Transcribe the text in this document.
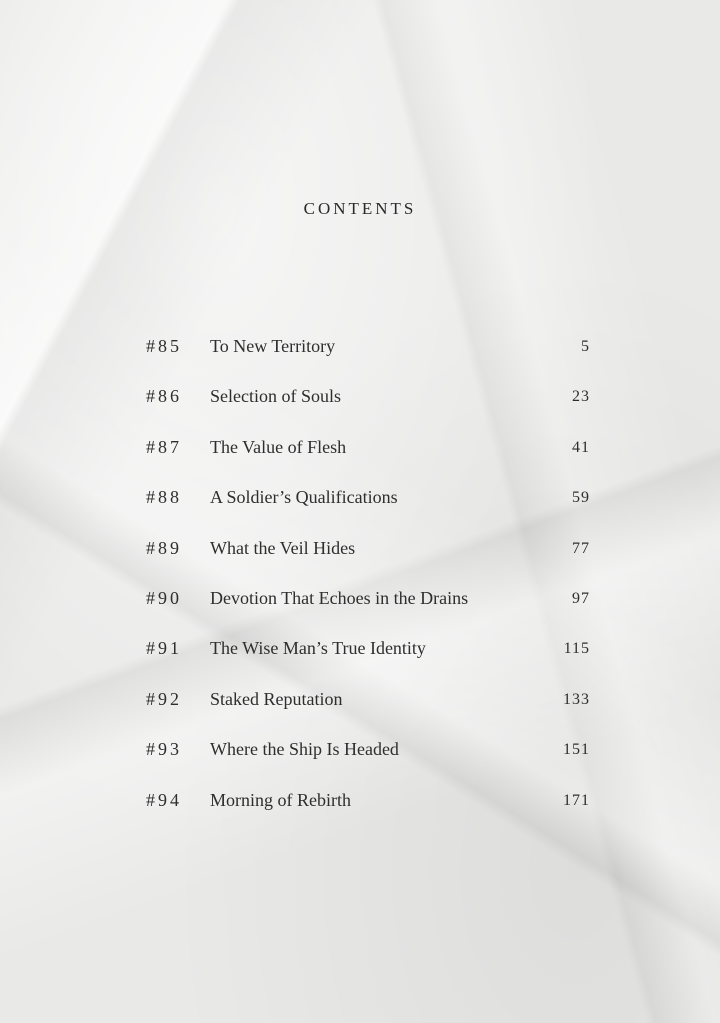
CONTENTS
#85 To New Territory	5
#86 Selection of Souls	23
#87 The Value of Flesh	41
#88 A Soldier’s Qualifications	59
#89 What the Veil Hides	77
#90 Devotion That Echoes in the Drains	97
#91 The Wise Man’s True Identity	115
#92 Staked Reputation	133
#93 Where the Ship Is Headed	151
#94 Morning of Rebirth	171
